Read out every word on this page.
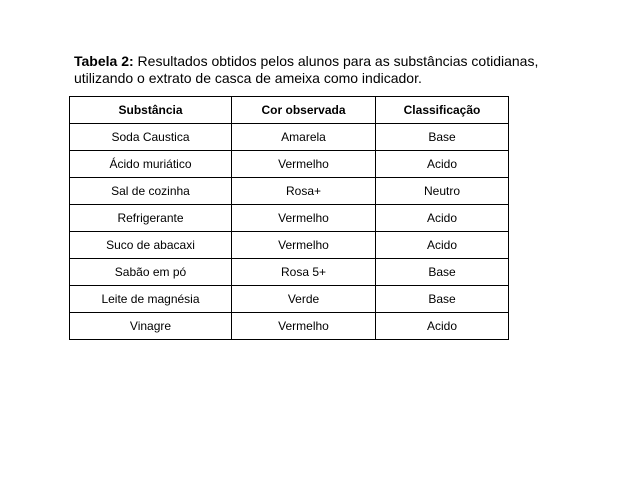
Tabela 2: Resultados obtidos pelos alunos para as substâncias cotidianas, utilizando o extrato de casca de ameixa como indicador.
Substância	Cor observada	Classificação
Soda Caustica	Amarela	Base
Ácido muriático	Vermelho	Acido
Sal de cozinha	Rosa+	Neutro
Refrigerante	Vermelho	Acido
Suco de abacaxi	Vermelho	Acido
Sabão em pó	Rosa 5+	Base
Leite de magnésia	Verde	Base
Vinagre	Vermelho	Acido
